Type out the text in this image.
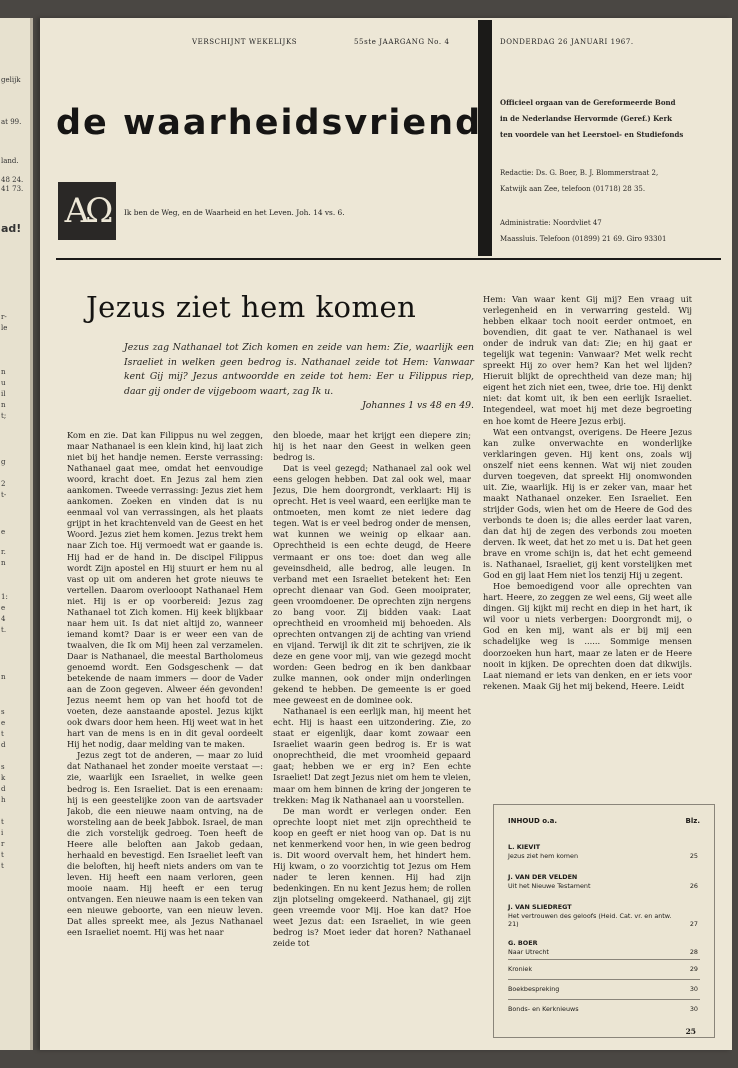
gelijk
at 99.
land.
48 24.
41 73.
ad!
r-
le
n
u
il
n
t;
g
2
t-
e
r.
n
1:
e
4
t.
n
s
e
t
d
s
k
d
h
t
i
r
t
t
VERSCHIJNT WEKELIJKS	55ste JAARGANG No. 4	DONDERDAG 26 JANUARI 1967.
de waarheidsvriend
AΩ	Ik ben de Weg, en de Waarheid en het Leven. Joh. 14 vs. 6.
Officieel orgaan van de Gereformeerde Bond
in de Nederlandse Hervormde (Geref.) Kerk
ten voordele van het Leerstoel- en Studiefonds
Redactie: Ds. G. Boer, B. J. Blommerstraat 2,
Katwijk aan Zee, telefoon (01718) 28 35.
Administratie: Noordvliet 47
Maassluis. Telefoon (01899) 21 69. Giro 93301
Jezus ziet hem komen
Jezus zag Nathanael tot Zich komen en zeide van hem: Zie, waarlijk een Israeliet in welken geen bedrog is. Nathanael zeide tot Hem: Vanwaar kent Gij mij? Jezus antwoordde en zeide tot hem: Eer u Filippus riep, daar gij onder de vijgeboom waart, zag Ik u.
Johannes 1 vs 48 en 49.

Kom en zie. Dat kan Filippus nu wel zeggen, maar Nathanael is een klein kind, hij laat zich niet bij het handje nemen. Eerste verrassing: Nathanael gaat mee, omdat het eenvoudige woord, kracht doet. En Jezus zal hem zien aankomen. Tweede verrassing: Jezus ziet hem aankomen. Zoeken en vinden dat is nu eenmaal vol van verrassingen, als het plaats grijpt in het krachtenveld van de Geest en het Woord. Jezus ziet hem komen. Jezus trekt hem naar Zich toe. Hij vermoedt wat er gaande is. Hij had er de hand in. De discipel Filippus wordt Zijn apostel en Hij stuurt er hem nu al vast op uit om anderen het grote nieuws te vertellen. Daarom overlooopt Nathanael Hem niet. Hij is er op voorbereid: Jezus zag Nathanael tot Zich komen. Hij keek blijkbaar naar hem uit. Is dat niet altijd zo, wanneer iemand komt? Daar is er weer een van de twaalven, die Ik om Mij heen zal verzamelen. Daar is Nathanael, die meestal Bartholomeus genoemd wordt. Een Godsgeschenk — dat betekende de naam immers — door de Vader aan de Zoon gegeven. Alweer één gevonden! Jezus neemt hem op van het hoofd tot de voeten, deze aanstaande apostel. Jezus kijkt ook dwars door hem heen. Hij weet wat in het hart van de mens is en in dit geval oordeelt Hij het nodig, daar melding van te maken.

Jezus zegt tot de anderen, — maar zo luid dat Nathanael het zonder moeite verstaat —: zie, waarlijk een Israeliet, in welke geen bedrog is. Een Israeliet. Dat is een erenaam: hij is een geestelijke zoon van de aartsvader Jakob, die een nieuwe naam ontving, na de worsteling aan de beek Jabbok. Israel, de man die zich vorstelijk gedroeg. Toen heeft de Heere alle beloften aan Jakob gedaan, herhaald en bevestigd. Een Israeliet leeft van die beloften, hij heeft niets anders om van te leven. Hij heeft een naam verloren, geen mooie naam. Hij heeft er een terug ontvangen. Een nieuwe naam is een teken van een nieuwe geboorte, van een nieuw leven. Dat alles spreekt mee, als Jezus Nathanael een Israeliet noemt. Hij was het naar

den bloede, maar het krijgt een diepere zin; hij is het naar den Geest in welken geen bedrog is.

Dat is veel gezegd; Nathanael zal ook wel eens gelogen hebben. Dat zal ook wel, maar Jezus, Die hem doorgrondt, verklaart: Hij is oprecht. Het is veel waard, een eerlijke man te ontmoeten, men komt ze niet iedere dag tegen. Wat is er veel bedrog onder de mensen, wat kunnen we weinig op elkaar aan. Oprechtheid is een echte deugd, de Heere vermaant er ons toe: doet dan weg alle geveinsdheid, alle bedrog, alle leugen. In verband met een Israeliet betekent het: Een oprecht dienaar van God. Geen mooiprater, geen vroomdoener. De oprechten zijn nergens zo bang voor. Zij bidden vaak: Laat oprechtheid en vroomheid mij behoeden. Als oprechten ontvangen zij de achting van vriend en vijand. Terwijl ik dit zit te schrijven, zie ik deze en gene voor mij, van wie gezegd mocht worden: Geen bedrog en ik ben dankbaar zulke mannen, ook onder mijn onderlingen gekend te hebben. De gemeente is er goed mee geweest en de dominee ook.

Nathanael is een eerlijk man, hij meent het echt. Hij is haast een uitzondering. Zie, zo staat er eigenlijk, daar komt zowaar een Israeliet waarin geen bedrog is. Er is wat onoprechtheid, die met vroomheid gepaard gaat; hebben we er erg in? Een echte Israeliet! Dat zegt Jezus niet om hem te vleien, maar om hem binnen de kring der jongeren te trekken: Mag ik Nathanael aan u voorstellen.

De man wordt er verlegen onder. Een oprechte loopt niet met zijn oprechtheid te koop en geeft er niet hoog van op. Dat is nu net kenmerkend voor hen, in wie geen bedrog is. Dit woord overvalt hem, het hindert hem. Hij kwam, o zo voorzichtig tot Jezus om Hem nader te leren kennen. Hij had zijn bedenkingen. En nu kent Jezus hem; de rollen zijn plotseling omgekeerd. Nathanael, gij zijt geen vreemde voor Mij. Hoe kan dat? Hoe weet Jezus dat: een Israeliet, in wie geen bedrog is? Moet ieder dat horen? Nathanael zeide tot

Hem: Van waar kent Gij mij? Een vraag uit verlegenheid en in verwarring gesteld. Wij hebben elkaar toch nooit eerder ontmoet, en bovendien, dit gaat te ver. Nathanael is wel onder de indruk van dat: Zie; en hij gaat er tegelijk wat tegenin: Vanwaar? Met welk recht spreekt Hij zo over hem? Kan het wel lijden? Hieruit blijkt de oprechtheid van deze man; hij eigent het zich niet een, twee, drie toe. Hij denkt niet: dat komt uit, ik ben een eerlijk Israeliet. Integendeel, wat moet hij met deze begroeting en hoe komt de Heere Jezus erbij.

Wat een ontvangst, overigens. De Heere Jezus kan zulke onverwachte en wonderlijke verklaringen geven. Hij kent ons, zoals wij onszelf niet eens kennen. Wat wij niet zouden durven toegeven, dat spreekt Hij onomwonden uit. Zie, waarlijk. Hij is er zeker van, maar het maakt Nathanael onzeker. Een Israeliet. Een strijder Gods, wien het om de Heere de God des verbonds te doen is; die alles eerder laat varen, dan dat hij de zegen des verbonds zou moeten derven. Ik weet, dat het zo met u is. Dat het geen brave en vrome schijn is, dat het echt gemeend is. Nathanael, Israeliet, gij kent vorstelijken met God en gij laat Hem niet los tenzij Hij u zegent.

Hoe bemoedigend voor alle oprechten van hart. Heere, zo zeggen ze wel eens, Gij weet alle dingen. Gij kijkt mij recht en diep in het hart, ik wil voor u niets verbergen: Doorgrondt mij, o God en ken mij, want als er bij mij een schadelijke weg is ...... Sommige mensen doorzoeken hun hart, maar ze laten er de Heere nooit in kijken. De oprechten doen dat dikwijls. Laat niemand er iets van denken, en er iets voor rekenen. Maak Gij het mij bekend, Heere. Leidt

INHOUD o.a.	Blz.
L. KIEVIT
Jezus ziet hem komen	25
J. VAN DER VELDEN
Uit het Nieuwe Testament	26
J. VAN SLIEDREGT
Het vertrouwen des geloofs (Heid. Cat. vr. en antw. 21)	27
G. BOER
Naar Utrecht	28
Kroniek	29
Boekbespreking	30
Bonds- en Kerknieuws	30
25
